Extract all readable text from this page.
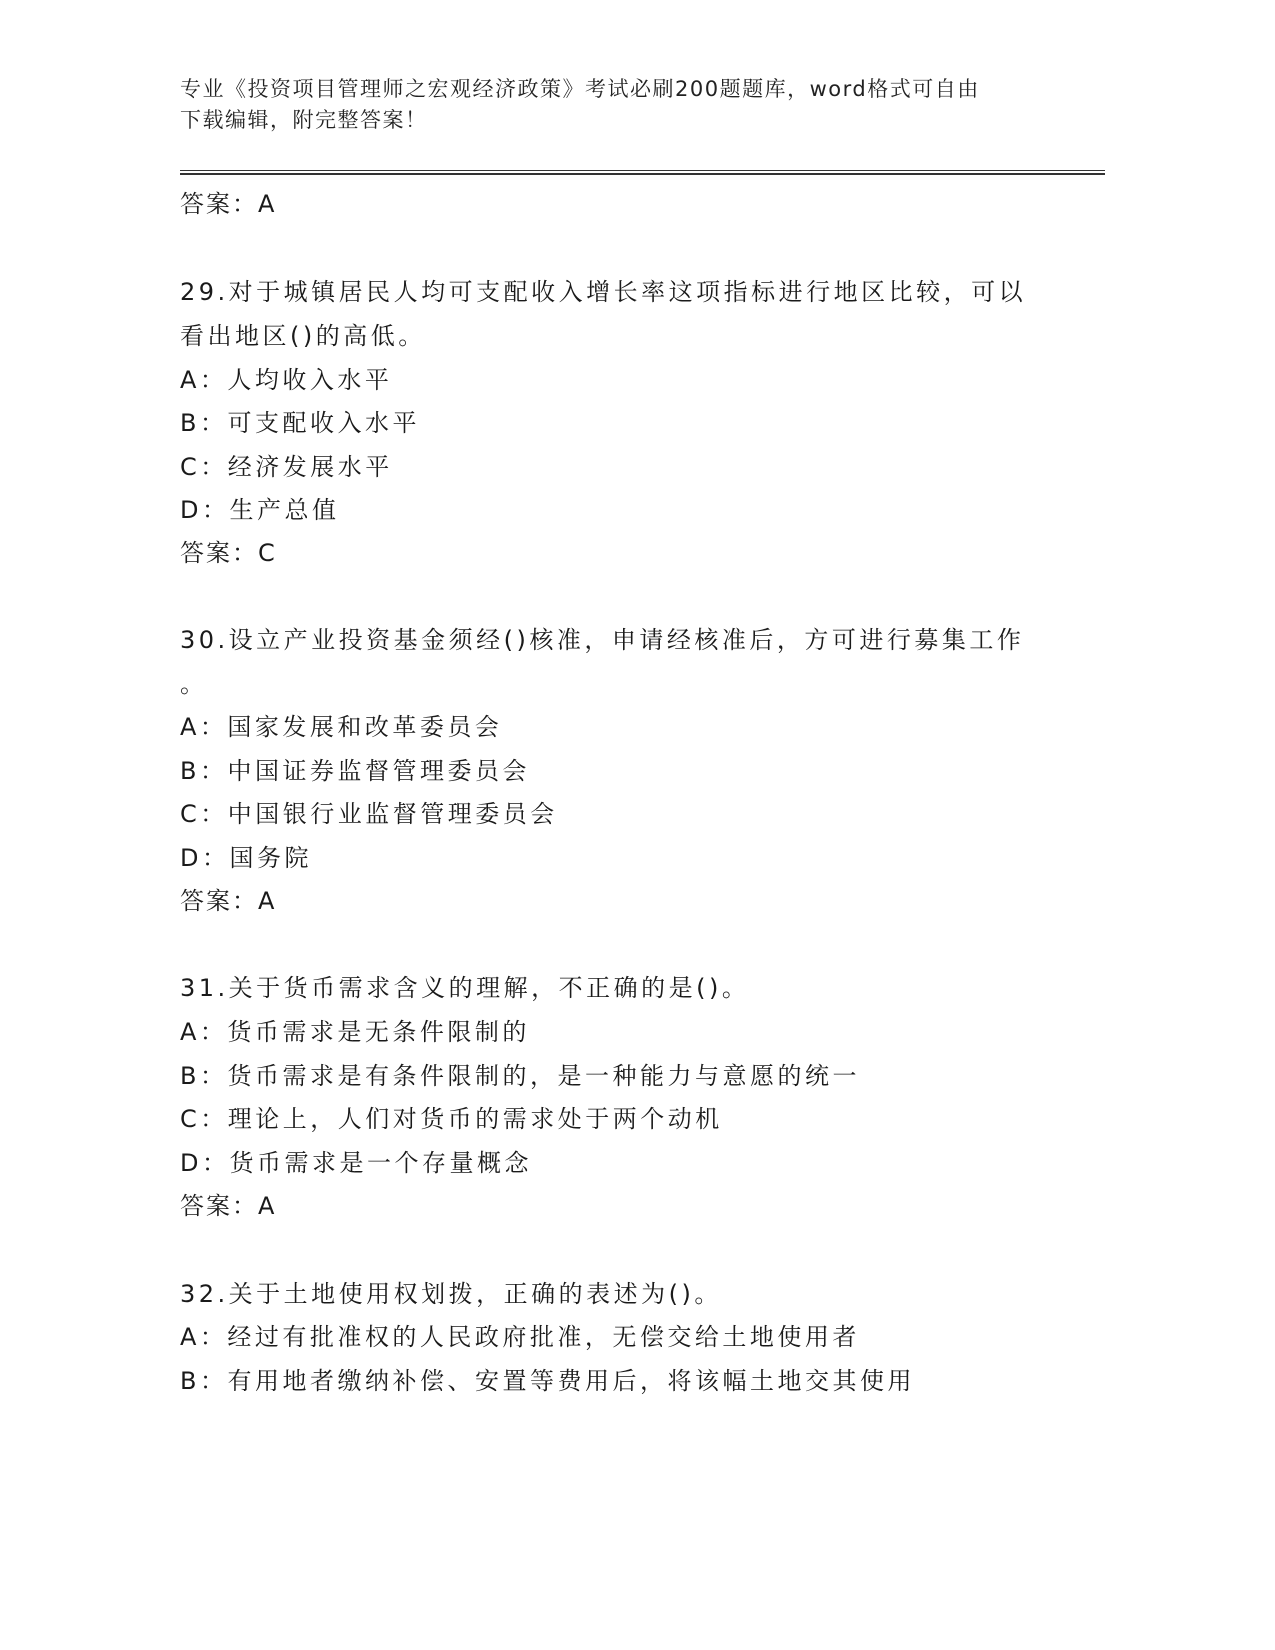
专业《投资项目管理师之宏观经济政策》考试必刷200题题库，word格式可自由
下载编辑，附完整答案！
答案：A
29.对于城镇居民人均可支配收入增长率这项指标进行地区比较，可以
看出地区()的高低。
A：人均收入水平
B：可支配收入水平
C：经济发展水平
D：生产总值
答案：C
30.设立产业投资基金须经()核准，申请经核准后，方可进行募集工作
。
A：国家发展和改革委员会
B：中国证券监督管理委员会
C：中国银行业监督管理委员会
D：国务院
答案：A
31.关于货币需求含义的理解，不正确的是()。
A：货币需求是无条件限制的
B：货币需求是有条件限制的，是一种能力与意愿的统一
C：理论上，人们对货币的需求处于两个动机
D：货币需求是一个存量概念
答案：A
32.关于土地使用权划拨，正确的表述为()。
A：经过有批准权的人民政府批准，无偿交给土地使用者
B：有用地者缴纳补偿、安置等费用后，将该幅土地交其使用
